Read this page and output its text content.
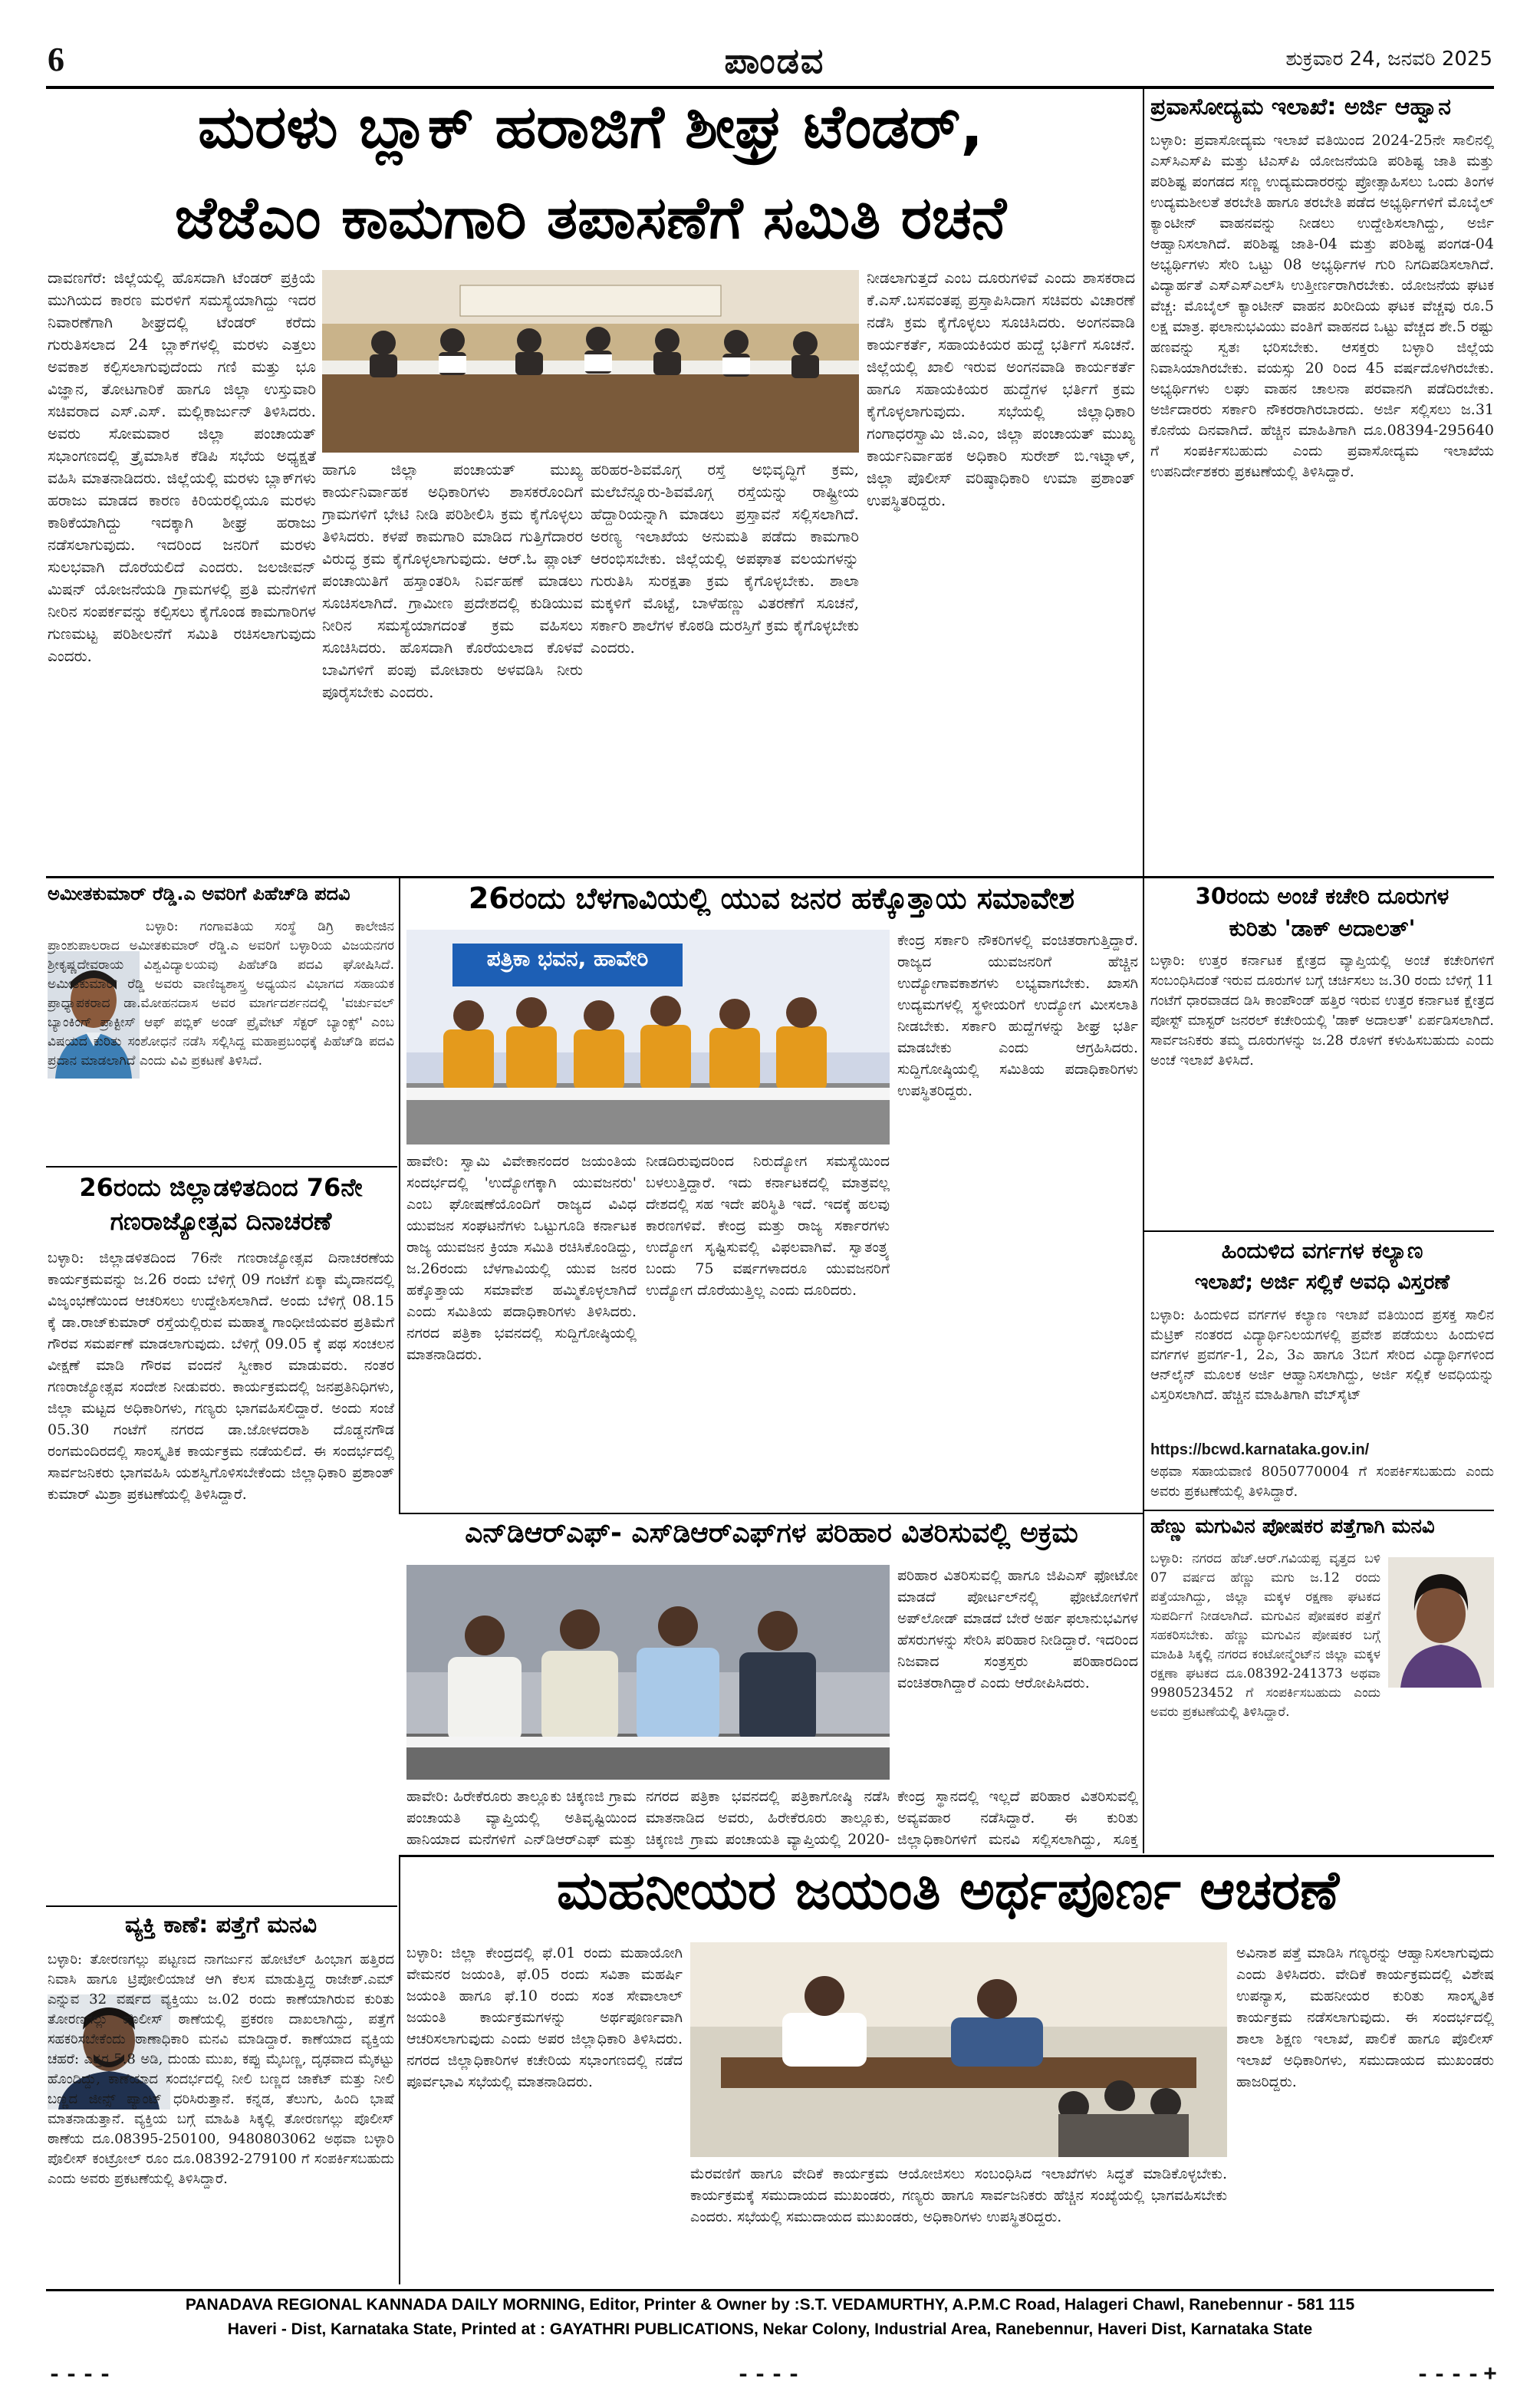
6	ಪಾಂಡವ	ಶುಕ್ರವಾರ 24, ಜನವರಿ 2025
ಮರಳು ಬ್ಲಾಕ್ ಹರಾಜಿಗೆ ಶೀಘ್ರ ಟೆಂಡರ್,
ಜೆಜೆಎಂ ಕಾಮಗಾರಿ ತಪಾಸಣೆಗೆ ಸಮಿತಿ ರಚನೆ
ದಾವಣಗೆರೆ: ಜಿಲ್ಲೆಯಲ್ಲಿ ಹೊಸದಾಗಿ ಟೆಂಡರ್ ಪ್ರಕ್ರಿಯೆ ಮುಗಿಯದ ಕಾರಣ ಮರಳಿಗೆ ಸಮಸ್ಯೆಯಾಗಿದ್ದು ಇದರ ನಿವಾರಣೆಗಾಗಿ ಶೀಘ್ರದಲ್ಲಿ ಟೆಂಡರ್ ಕರೆದು ಗುರುತಿಸಲಾದ 24 ಬ್ಲಾಕ್‌ಗಳಲ್ಲಿ ಮರಳು ಎತ್ತಲು ಅವಕಾಶ ಕಲ್ಪಿಸಲಾಗುವುದೆಂದು ಗಣಿ ಮತ್ತು ಭೂ ವಿಜ್ಞಾನ, ತೋಟಗಾರಿಕೆ ಹಾಗೂ ಜಿಲ್ಲಾ ಉಸ್ತುವಾರಿ ಸಚಿವರಾದ ಎಸ್.ಎಸ್. ಮಲ್ಲಿಕಾರ್ಜುನ್ ತಿಳಿಸಿದರು. ಅವರು ಸೋಮವಾರ ಜಿಲ್ಲಾ ಪಂಚಾಯತ್ ಸಭಾಂಗಣದಲ್ಲಿ ತ್ರೈಮಾಸಿಕ ಕೆಡಿಪಿ ಸಭೆಯ ಅಧ್ಯಕ್ಷತೆ ವಹಿಸಿ ಮಾತನಾಡಿದರು. ಜಿಲ್ಲೆಯಲ್ಲಿ ಮರಳು ಬ್ಲಾಕ್‌ಗಳು ಹರಾಜು ಮಾಡದ ಕಾರಣ ಕಿರಿಯರಲ್ಲಿಯೂ ಮರಳು ಕಾಠಿಕೆಯಾಗಿದ್ದು ಇದಕ್ಕಾಗಿ ಶೀಘ್ರ ಹರಾಜು ನಡೆಸಲಾಗುವುದು. ಇದರಿಂದ ಜನರಿಗೆ ಮರಳು ಸುಲಭವಾಗಿ ದೊರೆಯಲಿದೆ ಎಂದರು. ಜಲಜೀವನ್ ಮಿಷನ್ ಯೋಜನೆಯಡಿ ಗ್ರಾಮಗಳಲ್ಲಿ ಪ್ರತಿ ಮನೆಗಳಿಗೆ ನೀರಿನ ಸಂಪರ್ಕವನ್ನು ಕಲ್ಪಿಸಲು ಕೈಗೊಂಡ ಕಾಮಗಾರಿಗಳ ಗುಣಮಟ್ಟ ಪರಿಶೀಲನೆಗೆ ಸಮಿತಿ ರಚಿಸಲಾಗುವುದು ಎಂದರು.
ಹಾಗೂ ಜಿಲ್ಲಾ ಪಂಚಾಯತ್ ಮುಖ್ಯ ಕಾರ್ಯನಿರ್ವಾಹಕ ಅಧಿಕಾರಿಗಳು ಶಾಸಕರೊಂದಿಗೆ ಗ್ರಾಮಗಳಿಗೆ ಭೇಟಿ ನೀಡಿ ಪರಿಶೀಲಿಸಿ ಕ್ರಮ ಕೈಗೊಳ್ಳಲು ತಿಳಿಸಿದರು. ಕಳಪೆ ಕಾಮಗಾರಿ ಮಾಡಿದ ಗುತ್ತಿಗೆದಾರರ ವಿರುದ್ಧ ಕ್ರಮ ಕೈಗೊಳ್ಳಲಾಗುವುದು. ಆರ್.ಓ ಪ್ಲಾಂಟ್ ಪಂಚಾಯಿತಿಗೆ ಹಸ್ತಾಂತರಿಸಿ ನಿರ್ವಹಣೆ ಮಾಡಲು ಸೂಚಿಸಲಾಗಿದೆ. ಗ್ರಾಮೀಣ ಪ್ರದೇಶದಲ್ಲಿ ಕುಡಿಯುವ ನೀರಿನ ಸಮಸ್ಯೆಯಾಗದಂತೆ ಕ್ರಮ ವಹಿಸಲು ಸೂಚಿಸಿದರು. ಹೊಸದಾಗಿ ಕೊರೆಯಲಾದ ಕೊಳವೆ ಬಾವಿಗಳಿಗೆ ಪಂಪು ಮೋಟಾರು ಅಳವಡಿಸಿ ನೀರು ಪೂರೈಸಬೇಕು ಎಂದರು.
ಹರಿಹರ-ಶಿವಮೊಗ್ಗ ರಸ್ತೆ ಅಭಿವೃದ್ಧಿಗೆ ಕ್ರಮ, ಮಲೆಬೆನ್ನೂರು-ಶಿವಮೊಗ್ಗ ರಸ್ತೆಯನ್ನು ರಾಷ್ಟ್ರೀಯ ಹೆದ್ದಾರಿಯನ್ನಾಗಿ ಮಾಡಲು ಪ್ರಸ್ತಾವನೆ ಸಲ್ಲಿಸಲಾಗಿದೆ. ಅರಣ್ಯ ಇಲಾಖೆಯ ಅನುಮತಿ ಪಡೆದು ಕಾಮಗಾರಿ ಆರಂಭಿಸಬೇಕು. ಜಿಲ್ಲೆಯಲ್ಲಿ ಅಪಘಾತ ವಲಯಗಳನ್ನು ಗುರುತಿಸಿ ಸುರಕ್ಷತಾ ಕ್ರಮ ಕೈಗೊಳ್ಳಬೇಕು. ಶಾಲಾ ಮಕ್ಕಳಿಗೆ ಮೊಟ್ಟೆ, ಬಾಳೆಹಣ್ಣು ವಿತರಣೆಗೆ ಸೂಚನೆ, ಸರ್ಕಾರಿ ಶಾಲೆಗಳ ಕೊಠಡಿ ದುರಸ್ತಿಗೆ ಕ್ರಮ ಕೈಗೊಳ್ಳಬೇಕು ಎಂದರು.
ನೀಡಲಾಗುತ್ತದೆ ಎಂಬ ದೂರುಗಳಿವೆ ಎಂದು ಶಾಸಕರಾದ ಕೆ.ಎಸ್.ಬಸವಂತಪ್ಪ ಪ್ರಸ್ತಾಪಿಸಿದಾಗ ಸಚಿವರು ವಿಚಾರಣೆ ನಡೆಸಿ ಕ್ರಮ ಕೈಗೊಳ್ಳಲು ಸೂಚಿಸಿದರು. ಅಂಗನವಾಡಿ ಕಾರ್ಯಕರ್ತೆ, ಸಹಾಯಕಿಯರ ಹುದ್ದೆ ಭರ್ತಿಗೆ ಸೂಚನೆ. ಜಿಲ್ಲೆಯಲ್ಲಿ ಖಾಲಿ ಇರುವ ಅಂಗನವಾಡಿ ಕಾರ್ಯಕರ್ತೆ ಹಾಗೂ ಸಹಾಯಕಿಯರ ಹುದ್ದೆಗಳ ಭರ್ತಿಗೆ ಕ್ರಮ ಕೈಗೊಳ್ಳಲಾಗುವುದು. ಸಭೆಯಲ್ಲಿ ಜಿಲ್ಲಾಧಿಕಾರಿ ಗಂಗಾಧರಸ್ವಾಮಿ ಜಿ.ಎಂ, ಜಿಲ್ಲಾ ಪಂಚಾಯತ್ ಮುಖ್ಯ ಕಾರ್ಯನಿರ್ವಾಹಕ ಅಧಿಕಾರಿ ಸುರೇಶ್ ಬಿ.ಇಟ್ನಾಳ್, ಜಿಲ್ಲಾ ಪೊಲೀಸ್ ವರಿಷ್ಠಾಧಿಕಾರಿ ಉಮಾ ಪ್ರಶಾಂತ್ ಉಪಸ್ಥಿತರಿದ್ದರು.
ಪ್ರವಾಸೋದ್ಯಮ ಇಲಾಖೆ: ಅರ್ಜಿ ಆಹ್ವಾನ
ಬಳ್ಳಾರಿ: ಪ್ರವಾಸೋದ್ಯಮ ಇಲಾಖೆ ವತಿಯಿಂದ 2024-25ನೇ ಸಾಲಿನಲ್ಲಿ ಎಸ್‌ಸಿಎಸ್‌ಪಿ ಮತ್ತು ಟಿಎಸ್‌ಪಿ ಯೋಜನೆಯಡಿ ಪರಿಶಿಷ್ಟ ಜಾತಿ ಮತ್ತು ಪರಿಶಿಷ್ಟ ಪಂಗಡದ ಸಣ್ಣ ಉದ್ಯಮದಾರರನ್ನು ಪ್ರೋತ್ಸಾಹಿಸಲು ಒಂದು ತಿಂಗಳ ಉದ್ಯಮಶೀಲತೆ ತರಬೇತಿ ಹಾಗೂ ತರಬೇತಿ ಪಡೆದ ಅಭ್ಯರ್ಥಿಗಳಿಗೆ ಮೊಬೈಲ್ ಕ್ಯಾಂಟೀನ್ ವಾಹನವನ್ನು ನೀಡಲು ಉದ್ದೇಶಿಸಲಾಗಿದ್ದು, ಅರ್ಜಿ ಆಹ್ವಾನಿಸಲಾಗಿದೆ. ಪರಿಶಿಷ್ಟ ಜಾತಿ-04 ಮತ್ತು ಪರಿಶಿಷ್ಟ ಪಂಗಡ-04 ಅಭ್ಯರ್ಥಿಗಳು ಸೇರಿ ಒಟ್ಟು 08 ಅಭ್ಯರ್ಥಿಗಳ ಗುರಿ ನಿಗದಿಪಡಿಸಲಾಗಿದೆ. ವಿದ್ಯಾರ್ಹತೆ ಎಸ್‌ಎಸ್‌ಎಲ್‌ಸಿ ಉತ್ತೀರ್ಣರಾಗಿರಬೇಕು. ಯೋಜನೆಯ ಘಟಕ ವೆಚ್ಚ: ಮೊಬೈಲ್ ಕ್ಯಾಂಟೀನ್ ವಾಹನ ಖರೀದಿಯ ಘಟಕ ವೆಚ್ಚವು ರೂ.5 ಲಕ್ಷ ಮಾತ್ರ. ಫಲಾನುಭವಿಯು ವಂತಿಗೆ ವಾಹನದ ಒಟ್ಟು ವೆಚ್ಚದ ಶೇ.5 ರಷ್ಟು ಹಣವನ್ನು ಸ್ವತಃ ಭರಿಸಬೇಕು. ಆಸಕ್ತರು ಬಳ್ಳಾರಿ ಜಿಲ್ಲೆಯ ನಿವಾಸಿಯಾಗಿರಬೇಕು. ವಯಸ್ಸು 20 ರಿಂದ 45 ವರ್ಷದೊಳಗಿರಬೇಕು. ಅಭ್ಯರ್ಥಿಗಳು ಲಘು ವಾಹನ ಚಾಲನಾ ಪರವಾನಗಿ ಪಡೆದಿರಬೇಕು. ಅರ್ಜಿದಾರರು ಸರ್ಕಾರಿ ನೌಕರರಾಗಿರಬಾರದು. ಅರ್ಜಿ ಸಲ್ಲಿಸಲು ಜ.31 ಕೊನೆಯ ದಿನವಾಗಿದೆ. ಹೆಚ್ಚಿನ ಮಾಹಿತಿಗಾಗಿ ದೂ.08394-295640 ಗೆ ಸಂಪರ್ಕಿಸಬಹುದು ಎಂದು ಪ್ರವಾಸೋದ್ಯಮ ಇಲಾಖೆಯ ಉಪನಿರ್ದೇಶಕರು ಪ್ರಕಟಣೆಯಲ್ಲಿ ತಿಳಿಸಿದ್ದಾರೆ.
ಅಮೀತಕುಮಾರ್ ರೆಡ್ಡಿ.ಎ ಅವರಿಗೆ ಪಿಹೆಚ್‌ಡಿ ಪದವಿ
ಬಳ್ಳಾರಿ: ಗಂಗಾವತಿಯ ಸಂಸ್ಥೆ ಡಿಗ್ರಿ ಕಾಲೇಜಿನ ಪ್ರಾಂಶುಪಾಲರಾದ ಅಮೀತಕುಮಾರ್ ರೆಡ್ಡಿ.ಎ ಅವರಿಗೆ ಬಳ್ಳಾರಿಯ ವಿಜಯನಗರ ಶ್ರೀಕೃಷ್ಣದೇವರಾಯ ವಿಶ್ವವಿದ್ಯಾಲಯವು ಪಿಹೆಚ್‌ಡಿ ಪದವಿ ಘೋಷಿಸಿದೆ. ಅಮೀತಕುಮಾರ್ ರೆಡ್ಡಿ ಅವರು ವಾಣಿಜ್ಯಶಾಸ್ತ್ರ ಅಧ್ಯಯನ ವಿಭಾಗದ ಸಹಾಯಕ ಪ್ರಾಧ್ಯಾಪಕರಾದ ಡಾ.ಮೋಹನದಾಸ ಅವರ ಮಾರ್ಗದರ್ಶನದಲ್ಲಿ 'ವರ್ಚುವಲ್ ಬ್ಯಾಂಕಿಂಗ್ ಪ್ರಾಕ್ಟೀಸ್ ಆಫ್ ಪಬ್ಲಿಕ್ ಅಂಡ್ ಪ್ರೈವೇಟ್ ಸೆಕ್ಟರ್ ಬ್ಯಾಂಕ್ಸ್' ಎಂಬ ವಿಷಯದ ಕುರಿತು ಸಂಶೋಧನೆ ನಡೆಸಿ ಸಲ್ಲಿಸಿದ್ದ ಮಹಾಪ್ರಬಂಧಕ್ಕೆ ಪಿಹೆಚ್‌ಡಿ ಪದವಿ ಪ್ರದಾನ ಮಾಡಲಾಗಿದೆ ಎಂದು ವಿವಿ ಪ್ರಕಟಣೆ ತಿಳಿಸಿದೆ.
26ರಂದು ಜಿಲ್ಲಾಡಳಿತದಿಂದ 76ನೇ
ಗಣರಾಜ್ಯೋತ್ಸವ ದಿನಾಚರಣೆ
ಬಳ್ಳಾರಿ: ಜಿಲ್ಲಾಡಳಿತದಿಂದ 76ನೇ ಗಣರಾಜ್ಯೋತ್ಸವ ದಿನಾಚರಣೆಯ ಕಾರ್ಯಕ್ರಮವನ್ನು ಜ.26 ರಂದು ಬೆಳಿಗ್ಗೆ 09 ಗಂಟೆಗೆ ಏಕ್ಕಾ ಮೈದಾನದಲ್ಲಿ ವಿಜೃಂಭಣೆಯಿಂದ ಆಚರಿಸಲು ಉದ್ದೇಶಿಸಲಾಗಿದೆ. ಅಂದು ಬೆಳಿಗ್ಗೆ 08.15 ಕ್ಕೆ ಡಾ.ರಾಜ್‌ಕುಮಾರ್ ರಸ್ತೆಯಲ್ಲಿರುವ ಮಹಾತ್ಮ ಗಾಂಧೀಜಿಯವರ ಪ್ರತಿಮೆಗೆ ಗೌರವ ಸಮರ್ಪಣೆ ಮಾಡಲಾಗುವುದು. ಬೆಳಿಗ್ಗೆ 09.05 ಕ್ಕೆ ಪಥ ಸಂಚಲನ ವೀಕ್ಷಣೆ ಮಾಡಿ ಗೌರವ ವಂದನೆ ಸ್ವೀಕಾರ ಮಾಡುವರು. ನಂತರ ಗಣರಾಜ್ಯೋತ್ಸವ ಸಂದೇಶ ನೀಡುವರು. ಕಾರ್ಯಕ್ರಮದಲ್ಲಿ ಜನಪ್ರತಿನಿಧಿಗಳು, ಜಿಲ್ಲಾ ಮಟ್ಟದ ಅಧಿಕಾರಿಗಳು, ಗಣ್ಯರು ಭಾಗವಹಿಸಲಿದ್ದಾರೆ. ಅಂದು ಸಂಜೆ 05.30 ಗಂಟೆಗೆ ನಗರದ ಡಾ.ಜೋಳದರಾಶಿ ದೊಡ್ಡನಗೌಡ ರಂಗಮಂದಿರದಲ್ಲಿ ಸಾಂಸ್ಕೃತಿಕ ಕಾರ್ಯಕ್ರಮ ನಡೆಯಲಿದೆ. ಈ ಸಂದರ್ಭದಲ್ಲಿ ಸಾರ್ವಜನಿಕರು ಭಾಗವಹಿಸಿ ಯಶಸ್ವಿಗೊಳಿಸಬೇಕೆಂದು ಜಿಲ್ಲಾಧಿಕಾರಿ ಪ್ರಶಾಂತ್ ಕುಮಾರ್ ಮಿಶ್ರಾ ಪ್ರಕಟಣೆಯಲ್ಲಿ ತಿಳಿಸಿದ್ದಾರೆ.
ವ್ಯಕ್ತಿ ಕಾಣೆ: ಪತ್ತೆಗೆ ಮನವಿ
ಬಳ್ಳಾರಿ: ತೋರಣಗಲ್ಲು ಪಟ್ಟಣದ ನಾಗರ್ಜುನ ಹೋಟೆಲ್ ಹಿಂಭಾಗ ಹತ್ತಿರದ ನಿವಾಸಿ ಹಾಗೂ ಟ್ರಿಪೋಲಿಯಾಜೆ ಆಗಿ ಕೆಲಸ ಮಾಡುತ್ತಿದ್ದ ರಾಜೇಶ್.ಎಮ್ ಎನ್ನುವ 32 ವರ್ಷದ ವ್ಯಕ್ತಿಯು ಜ.02 ರಂದು ಕಾಣೆಯಾಗಿರುವ ಕುರಿತು ತೋರಣಗಲ್ಲು ಪೊಲೀಸ್ ಠಾಣೆಯಲ್ಲಿ ಪ್ರಕರಣ ದಾಖಲಾಗಿದ್ದು, ಪತ್ತೆಗೆ ಸಹಕರಿಸಬೇಕೆಂದು ಠಾಣಾಧಿಕಾರಿ ಮನವಿ ಮಾಡಿದ್ದಾರೆ. ಕಾಣೆಯಾದ ವ್ಯಕ್ತಿಯ ಚಹರೆ: ಎತ್ತರ 5.8 ಅಡಿ, ದುಂಡು ಮುಖ, ಕಪ್ಪು ಮೈಬಣ್ಣ, ದೃಢವಾದ ಮೈಕಟ್ಟು ಹೊಂದಿದ್ದು, ಕಾಣೆಯಾದ ಸಂದರ್ಭದಲ್ಲಿ ನೀಲಿ ಬಣ್ಣದ ಜಾಕೆಟ್ ಮತ್ತು ನೀಲಿ ಬಣ್ಣದ ಜೀನ್ಸ್ ಪ್ಯಾಂಟ್ ಧರಿಸಿರುತ್ತಾನೆ. ಕನ್ನಡ, ತೆಲುಗು, ಹಿಂದಿ ಭಾಷೆ ಮಾತನಾಡುತ್ತಾನೆ. ವ್ಯಕ್ತಿಯ ಬಗ್ಗೆ ಮಾಹಿತಿ ಸಿಕ್ಕಲ್ಲಿ ತೋರಣಗಲ್ಲು ಪೊಲೀಸ್ ಠಾಣೆಯ ದೂ.08395-250100, 9480803062 ಅಥವಾ ಬಳ್ಳಾರಿ ಪೊಲೀಸ್ ಕಂಟ್ರೋಲ್ ರೂಂ ದೂ.08392-279100 ಗೆ ಸಂಪರ್ಕಿಸಬಹುದು ಎಂದು ಅವರು ಪ್ರಕಟಣೆಯಲ್ಲಿ ತಿಳಿಸಿದ್ದಾರೆ.
26ರಂದು ಬೆಳಗಾವಿಯಲ್ಲಿ ಯುವ ಜನರ ಹಕ್ಕೊತ್ತಾಯ ಸಮಾವೇಶ
ಪತ್ರಿಕಾ ಭವನ, ಹಾವೇರಿ
ಹಾವೇರಿ: ಸ್ವಾಮಿ ವಿವೇಕಾನಂದರ ಜಯಂತಿಯ ಸಂದರ್ಭದಲ್ಲಿ 'ಉದ್ಯೋಗಕ್ಕಾಗಿ ಯುವಜನರು' ಎಂಬ ಘೋಷಣೆಯೊಂದಿಗೆ ರಾಜ್ಯದ ವಿವಿಧ ಯುವಜನ ಸಂಘಟನೆಗಳು ಒಟ್ಟುಗೂಡಿ ಕರ್ನಾಟಕ ರಾಜ್ಯ ಯುವಜನ ಕ್ರಿಯಾ ಸಮಿತಿ ರಚಿಸಿಕೊಂಡಿದ್ದು, ಜ.26ರಂದು ಬೆಳಗಾವಿಯಲ್ಲಿ ಯುವ ಜನರ ಹಕ್ಕೊತ್ತಾಯ ಸಮಾವೇಶ ಹಮ್ಮಿಕೊಳ್ಳಲಾಗಿದೆ ಎಂದು ಸಮಿತಿಯ ಪದಾಧಿಕಾರಿಗಳು ತಿಳಿಸಿದರು. ನಗರದ ಪತ್ರಿಕಾ ಭವನದಲ್ಲಿ ಸುದ್ದಿಗೋಷ್ಠಿಯಲ್ಲಿ ಮಾತನಾಡಿದರು.
ನೀಡದಿರುವುದರಿಂದ ನಿರುದ್ಯೋಗ ಸಮಸ್ಯೆಯಿಂದ ಬಳಲುತ್ತಿದ್ದಾರೆ. ಇದು ಕರ್ನಾಟಕದಲ್ಲಿ ಮಾತ್ರವಲ್ಲ ದೇಶದಲ್ಲಿ ಸಹ ಇದೇ ಪರಿಸ್ಥಿತಿ ಇದೆ. ಇದಕ್ಕೆ ಹಲವು ಕಾರಣಗಳಿವೆ. ಕೇಂದ್ರ ಮತ್ತು ರಾಜ್ಯ ಸರ್ಕಾರಗಳು ಉದ್ಯೋಗ ಸೃಷ್ಟಿಸುವಲ್ಲಿ ವಿಫಲವಾಗಿವೆ. ಸ್ವಾತಂತ್ರ್ಯ ಬಂದು 75 ವರ್ಷಗಳಾದರೂ ಯುವಜನರಿಗೆ ಉದ್ಯೋಗ ದೊರೆಯುತ್ತಿಲ್ಲ ಎಂದು ದೂರಿದರು.
ಕೇಂದ್ರ ಸರ್ಕಾರಿ ನೌಕರಿಗಳಲ್ಲಿ ವಂಚಿತರಾಗುತ್ತಿದ್ದಾರೆ. ರಾಜ್ಯದ ಯುವಜನರಿಗೆ ಹೆಚ್ಚಿನ ಉದ್ಯೋಗಾವಕಾಶಗಳು ಲಭ್ಯವಾಗಬೇಕು. ಖಾಸಗಿ ಉದ್ಯಮಗಳಲ್ಲಿ ಸ್ಥಳೀಯರಿಗೆ ಉದ್ಯೋಗ ಮೀಸಲಾತಿ ನೀಡಬೇಕು. ಸರ್ಕಾರಿ ಹುದ್ದೆಗಳನ್ನು ಶೀಘ್ರ ಭರ್ತಿ ಮಾಡಬೇಕು ಎಂದು ಆಗ್ರಹಿಸಿದರು. ಸುದ್ದಿಗೋಷ್ಠಿಯಲ್ಲಿ ಸಮಿತಿಯ ಪದಾಧಿಕಾರಿಗಳು ಉಪಸ್ಥಿತರಿದ್ದರು.
ಎನ್‌ಡಿಆರ್‌ಎಫ್- ಎಸ್‌ಡಿಆರ್‌ಎಫ್‌ಗಳ ಪರಿಹಾರ ವಿತರಿಸುವಲ್ಲಿ ಅಕ್ರಮ
ಪರಿಹಾರ ವಿತರಿಸುವಲ್ಲಿ ಹಾಗೂ ಜಿಪಿಎಸ್ ಫೋಟೋ ಮಾಡದೆ ಪೋರ್ಟಲ್‌ನಲ್ಲಿ ಫೋಟೋಗಳಿಗೆ ಅಪ್‌ಲೋಡ್ ಮಾಡದೆ ಬೇರೆ ಅರ್ಹ ಫಲಾನುಭವಿಗಳ ಹೆಸರುಗಳನ್ನು ಸೇರಿಸಿ ಪರಿಹಾರ ನೀಡಿದ್ದಾರೆ. ಇದರಿಂದ ನಿಜವಾದ ಸಂತ್ರಸ್ತರು ಪರಿಹಾರದಿಂದ ವಂಚಿತರಾಗಿದ್ದಾರೆ ಎಂದು ಆರೋಪಿಸಿದರು.
ಹಾವೇರಿ: ಹಿರೇಕೆರೂರು ತಾಲ್ಲೂಕು ಚಿಕ್ಕಣಜಿ ಗ್ರಾಮ ಪಂಚಾಯತಿ ವ್ಯಾಪ್ತಿಯಲ್ಲಿ ಅತಿವೃಷ್ಟಿಯಿಂದ ಹಾನಿಯಾದ ಮನೆಗಳಿಗೆ ಎನ್‌ಡಿಆರ್‌ಎಫ್ ಮತ್ತು
ನಗರದ ಪತ್ರಿಕಾ ಭವನದಲ್ಲಿ ಪತ್ರಿಕಾಗೋಷ್ಠಿ ನಡೆಸಿ ಮಾತನಾಡಿದ ಅವರು, ಹಿರೇಕೆರೂರು ತಾಲ್ಲೂಕು, ಚಿಕ್ಕಣಜಿ ಗ್ರಾಮ ಪಂಚಾಯತಿ ವ್ಯಾಪ್ತಿಯಲ್ಲಿ 2020-
ಕೇಂದ್ರ ಸ್ಥಾನದಲ್ಲಿ ಇಲ್ಲದೆ ಪರಿಹಾರ ವಿತರಿಸುವಲ್ಲಿ ಅವ್ಯವಹಾರ ನಡೆಸಿದ್ದಾರೆ. ಈ ಕುರಿತು ಜಿಲ್ಲಾಧಿಕಾರಿಗಳಿಗೆ ಮನವಿ ಸಲ್ಲಿಸಲಾಗಿದ್ದು, ಸೂಕ್ತ
30ರಂದು ಅಂಚೆ ಕಚೇರಿ ದೂರುಗಳ
ಕುರಿತು 'ಡಾಕ್ ಅದಾಲತ್'
ಬಳ್ಳಾರಿ: ಉತ್ತರ ಕರ್ನಾಟಕ ಕ್ಷೇತ್ರದ ವ್ಯಾಪ್ತಿಯಲ್ಲಿ ಅಂಚೆ ಕಚೇರಿಗಳಿಗೆ ಸಂಬಂಧಿಸಿದಂತೆ ಇರುವ ದೂರುಗಳ ಬಗ್ಗೆ ಚರ್ಚಿಸಲು ಜ.30 ರಂದು ಬೆಳಿಗ್ಗೆ 11 ಗಂಟೆಗೆ ಧಾರವಾಡದ ಡಿಸಿ ಕಾಂಪೌಂಡ್ ಹತ್ತಿರ ಇರುವ ಉತ್ತರ ಕರ್ನಾಟಕ ಕ್ಷೇತ್ರದ ಪೋಸ್ಟ್ ಮಾಸ್ಟರ್ ಜನರಲ್ ಕಚೇರಿಯಲ್ಲಿ 'ಡಾಕ್ ಅದಾಲತ್' ಏರ್ಪಡಿಸಲಾಗಿದೆ. ಸಾರ್ವಜನಿಕರು ತಮ್ಮ ದೂರುಗಳನ್ನು ಜ.28 ರೊಳಗೆ ಕಳುಹಿಸಬಹುದು ಎಂದು ಅಂಚೆ ಇಲಾಖೆ ತಿಳಿಸಿದೆ.
ಹಿಂದುಳಿದ ವರ್ಗಗಳ ಕಲ್ಯಾಣ
ಇಲಾಖೆ; ಅರ್ಜಿ ಸಲ್ಲಿಕೆ ಅವಧಿ ವಿಸ್ತರಣೆ
ಬಳ್ಳಾರಿ: ಹಿಂದುಳಿದ ವರ್ಗಗಳ ಕಲ್ಯಾಣ ಇಲಾಖೆ ವತಿಯಿಂದ ಪ್ರಸಕ್ತ ಸಾಲಿನ ಮೆಟ್ರಿಕ್ ನಂತರದ ವಿದ್ಯಾರ್ಥಿನಿಲಯಗಳಲ್ಲಿ ಪ್ರವೇಶ ಪಡೆಯಲು ಹಿಂದುಳಿದ ವರ್ಗಗಳ ಪ್ರವರ್ಗ-1, 2ಎ, 3ಎ ಹಾಗೂ 3ಬಿಗೆ ಸೇರಿದ ವಿದ್ಯಾರ್ಥಿಗಳಿಂದ ಆನ್‌ಲೈನ್ ಮೂಲಕ ಅರ್ಜಿ ಆಹ್ವಾನಿಸಲಾಗಿದ್ದು, ಅರ್ಜಿ ಸಲ್ಲಿಕೆ ಅವಧಿಯನ್ನು ವಿಸ್ತರಿಸಲಾಗಿದೆ. ಹೆಚ್ಚಿನ ಮಾಹಿತಿಗಾಗಿ ವೆಬ್‌ಸೈಟ್
https://bcwd.karnataka.gov.in/
ಅಥವಾ ಸಹಾಯವಾಣಿ 8050770004 ಗೆ ಸಂಪರ್ಕಿಸಬಹುದು ಎಂದು ಅವರು ಪ್ರಕಟಣೆಯಲ್ಲಿ ತಿಳಿಸಿದ್ದಾರೆ.
ಹೆಣ್ಣು ಮಗುವಿನ ಪೋಷಕರ ಪತ್ತೆಗಾಗಿ ಮನವಿ
ಬಳ್ಳಾರಿ: ನಗರದ ಹೆಚ್.ಆರ್.ಗವಿಯಪ್ಪ ವೃತ್ತದ ಬಳಿ 07 ವರ್ಷದ ಹೆಣ್ಣು ಮಗು ಜ.12 ರಂದು ಪತ್ತೆಯಾಗಿದ್ದು, ಜಿಲ್ಲಾ ಮಕ್ಕಳ ರಕ್ಷಣಾ ಘಟಕದ ಸುಪರ್ದಿಗೆ ನೀಡಲಾಗಿದೆ. ಮಗುವಿನ ಪೋಷಕರ ಪತ್ತೆಗೆ ಸಹಕರಿಸಬೇಕು. ಹೆಣ್ಣು ಮಗುವಿನ ಪೋಷಕರ ಬಗ್ಗೆ ಮಾಹಿತಿ ಸಿಕ್ಕಲ್ಲಿ ನಗರದ ಕಂಟೋನ್ಮೆಂಟ್‌ನ ಜಿಲ್ಲಾ ಮಕ್ಕಳ ರಕ್ಷಣಾ ಘಟಕದ ದೂ.08392-241373 ಅಥವಾ 9980523452 ಗೆ ಸಂಪರ್ಕಿಸಬಹುದು ಎಂದು ಅವರು ಪ್ರಕಟಣೆಯಲ್ಲಿ ತಿಳಿಸಿದ್ದಾರೆ.
ಮಹನೀಯರ ಜಯಂತಿ ಅರ್ಥಪೂರ್ಣ ಆಚರಣೆ
ಬಳ್ಳಾರಿ: ಜಿಲ್ಲಾ ಕೇಂದ್ರದಲ್ಲಿ ಫೆ.01 ರಂದು ಮಹಾಯೋಗಿ ವೇಮನರ ಜಯಂತಿ, ಫೆ.05 ರಂದು ಸವಿತಾ ಮಹರ್ಷಿ ಜಯಂತಿ ಹಾಗೂ ಫೆ.10 ರಂದು ಸಂತ ಸೇವಾಲಾಲ್ ಜಯಂತಿ ಕಾರ್ಯಕ್ರಮಗಳನ್ನು ಅರ್ಥಪೂರ್ಣವಾಗಿ ಆಚರಿಸಲಾಗುವುದು ಎಂದು ಅಪರ ಜಿಲ್ಲಾಧಿಕಾರಿ ತಿಳಿಸಿದರು. ನಗರದ ಜಿಲ್ಲಾಧಿಕಾರಿಗಳ ಕಚೇರಿಯ ಸಭಾಂಗಣದಲ್ಲಿ ನಡೆದ ಪೂರ್ವಭಾವಿ ಸಭೆಯಲ್ಲಿ ಮಾತನಾಡಿದರು.
ಮೆರವಣಿಗೆ ಹಾಗೂ ವೇದಿಕೆ ಕಾರ್ಯಕ್ರಮ ಆಯೋಜಿಸಲು ಸಂಬಂಧಿಸಿದ ಇಲಾಖೆಗಳು ಸಿದ್ಧತೆ ಮಾಡಿಕೊಳ್ಳಬೇಕು. ಕಾರ್ಯಕ್ರಮಕ್ಕೆ ಸಮುದಾಯದ ಮುಖಂಡರು, ಗಣ್ಯರು ಹಾಗೂ ಸಾರ್ವಜನಿಕರು ಹೆಚ್ಚಿನ ಸಂಖ್ಯೆಯಲ್ಲಿ ಭಾಗವಹಿಸಬೇಕು ಎಂದರು. ಸಭೆಯಲ್ಲಿ ಸಮುದಾಯದ ಮುಖಂಡರು, ಅಧಿಕಾರಿಗಳು ಉಪಸ್ಥಿತರಿದ್ದರು.
ಅವಿನಾಶ ಪತ್ತೆ ಮಾಡಿಸಿ ಗಣ್ಯರನ್ನು ಆಹ್ವಾನಿಸಲಾಗುವುದು ಎಂದು ತಿಳಿಸಿದರು. ವೇದಿಕೆ ಕಾರ್ಯಕ್ರಮದಲ್ಲಿ ವಿಶೇಷ ಉಪನ್ಯಾಸ, ಮಹನೀಯರ ಕುರಿತು ಸಾಂಸ್ಕೃತಿಕ ಕಾರ್ಯಕ್ರಮ ನಡೆಸಲಾಗುವುದು. ಈ ಸಂದರ್ಭದಲ್ಲಿ ಶಾಲಾ ಶಿಕ್ಷಣ ಇಲಾಖೆ, ಪಾಲಿಕೆ ಹಾಗೂ ಪೊಲೀಸ್ ಇಲಾಖೆ ಅಧಿಕಾರಿಗಳು, ಸಮುದಾಯದ ಮುಖಂಡರು ಹಾಜರಿದ್ದರು.
PANADAVA REGIONAL KANNADA DAILY MORNING, Editor, Printer & Owner by :S.T. VEDAMURTHY, A.P.M.C Road, Halageri Chawl, Ranebennur - 581 115
Haveri - Dist, Karnataka State, Printed at : GAYATHRI PUBLICATIONS, Nekar Colony, Industrial Area, Ranebennur, Haveri Dist, Karnataka State
----	----	----+
